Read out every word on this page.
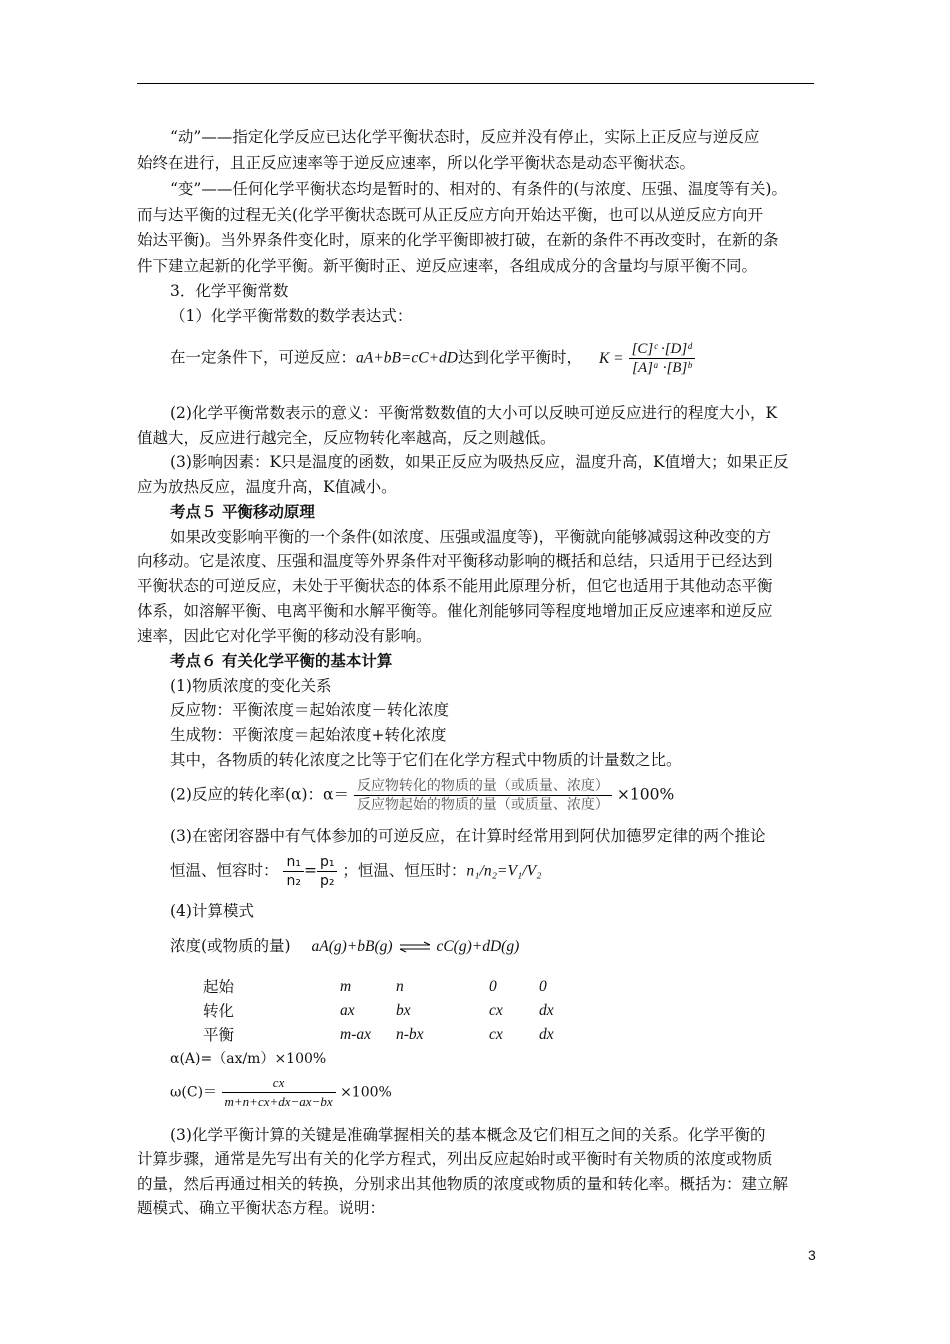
“动”——指定化学反应已达化学平衡状态时，反应并没有停止，实际上正反应与逆反应
始终在进行，且正反应速率等于逆反应速率，所以化学平衡状态是动态平衡状态。
“变”——任何化学平衡状态均是暂时的、相对的、有条件的(与浓度、压强、温度等有关)。
而与达平衡的过程无关(化学平衡状态既可从正反应方向开始达平衡，也可以从逆反应方向开
始达平衡)。当外界条件变化时，原来的化学平衡即被打破，在新的条件不再改变时，在新的条
件下建立起新的化学平衡。新平衡时正、逆反应速率，各组成成分的含量均与原平衡不同。
3．化学平衡常数
（1）化学平衡常数的数学表达式：
在一定条件下，可逆反应：aA+bB=cC+dD达到化学平衡时， $K = \frac{\text{[C]ᶜ ·[D]ᵈ}}{\text{[A]ᵃ ·[B]ᵇ}}$
(2)化学平衡常数表示的意义：平衡常数数值的大小可以反映可逆反应进行的程度大小，K
值越大，反应进行越完全，反应物转化率越高，反之则越低。
(3)影响因素：K只是温度的函数，如果正反应为吸热反应，温度升高，K值增大；如果正反
应为放热反应，温度升高，K值减小。
考点５ 平衡移动原理
如果改变影响平衡的一个条件(如浓度、压强或温度等)，平衡就向能够减弱这种改变的方
向移动。它是浓度、压强和温度等外界条件对平衡移动影响的概括和总结，只适用于已经达到
平衡状态的可逆反应，未处于平衡状态的体系不能用此原理分析，但它也适用于其他动态平衡
体系，如溶解平衡、电离平衡和水解平衡等。催化剂能够同等程度地增加正反应速率和逆反应
速率，因此它对化学平衡的移动没有影响。
考点６ 有关化学平衡的基本计算
(1)物质浓度的变化关系
反应物：平衡浓度＝起始浓度－转化浓度
生成物：平衡浓度＝起始浓度+转化浓度
其中，各物质的转化浓度之比等于它们在化学方程式中物质的计量数之比。
(2)反应的转化率(α)：$\alpha= \frac{\text{反应物转化的物质的量（或质量、浓度）}}{\text{反应物起始的物质的量（或质量、浓度）}} \times 100\%$
(3)在密闭容器中有气体参加的可逆反应，在计算时经常用到阿伏加德罗定律的两个推论
恒温、恒容时： $\frac{\text{n₁}}{\text{n₂}} = \frac{\text{p₁}}{\text{p₂}}$ ；恒温、恒压时：n₁/n₂=V₁/V₂
(4)计算模式
浓度(或物质的量) aA(g)+bB(g) ⇌ cC(g)+dD(g)
起始	m	n	0	0
转化	ax	bx	cx dx
平衡	m-ax n-bx	cx dx
α(A)=（ax/m）×100%
$\omega(C)= \frac{cx}{m+n+cx+dx-ax-bx} \times 100\%$
(3)化学平衡计算的关键是准确掌握相关的基本概念及它们相互之间的关系。化学平衡的
计算步骤，通常是先写出有关的化学方程式，列出反应起始时或平衡时有关物质的浓度或物质
的量，然后再通过相关的转换，分别求出其他物质的浓度或物质的量和转化率。概括为：建立解
题模式、确立平衡状态方程。说明：
3
